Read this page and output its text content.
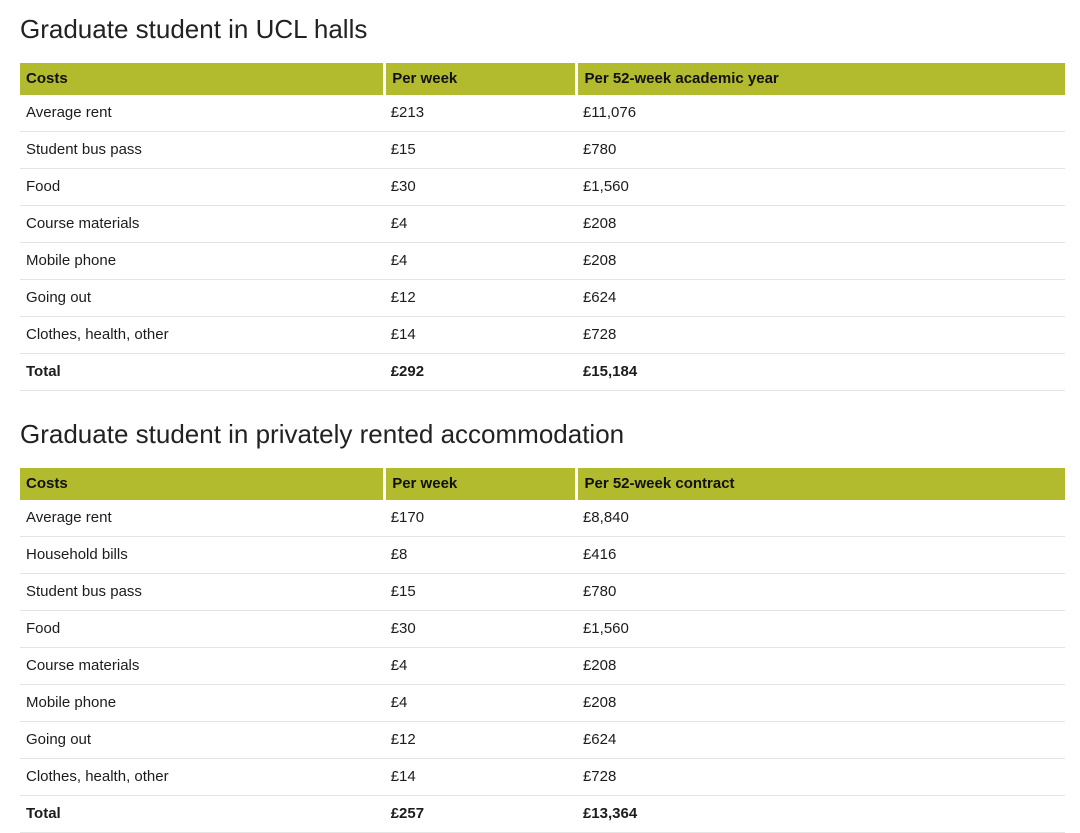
Graduate student in UCL halls
Costs	Per week	Per 52-week academic year
Average rent	£213	£11,076
Student bus pass	£15	£780
Food	£30	£1,560
Course materials	£4	£208
Mobile phone	£4	£208
Going out	£12	£624
Clothes, health, other	£14	£728
Total	£292	£15,184
Graduate student in privately rented accommodation
Costs	Per week	Per 52-week contract
Average rent	£170	£8,840
Household bills	£8	£416
Student bus pass	£15	£780
Food	£30	£1,560
Course materials	£4	£208
Mobile phone	£4	£208
Going out	£12	£624
Clothes, health, other	£14	£728
Total	£257	£13,364
